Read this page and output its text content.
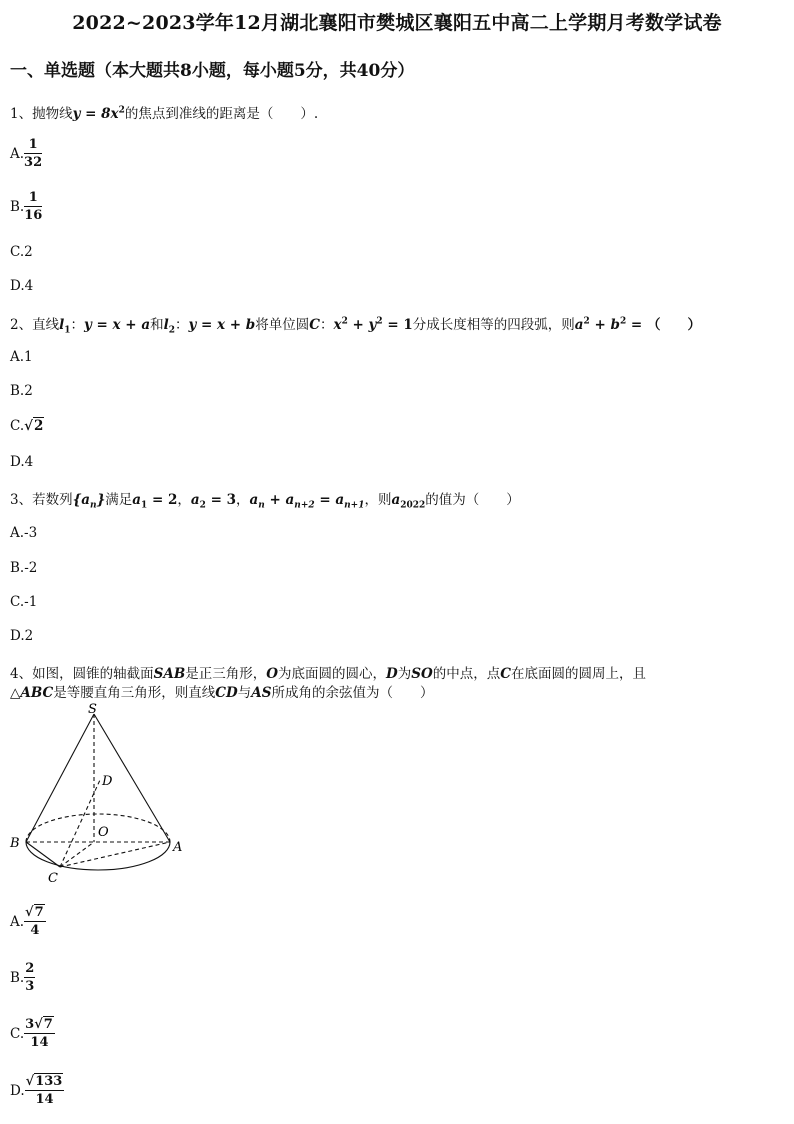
2022~2023学年12月湖北襄阳市樊城区襄阳五中高二上学期月考数学试卷
一、单选题（本大题共8小题，每小题5分，共40分）
1、抛物线$y = 8x^2$的焦点到准线的距离是（　　）.
A. $\frac{1}{32}$
B. $\frac{1}{16}$
C.2
D.4
2、直线$l_1$：y = x + a和$l_2$：y = x + b将单位圆C：$x^2 + y^2 = 1$分成长度相等的四段弧，则$a^2 + b^2$ = （　　）
A.1
B.2
C.√2
D.4
3、若数列$\{a_n\}$满足$a_1 = 2$，$a_2 = 3$，$a_n + a_{n+2} = a_{n+1}$，则$a_{2022}$的值为（　　）
A.-3
B.-2
C.-1
D.2
4、如图，圆锥的轴截面SAB是正三角形，O为底面圆的圆心，D为SO的中点，点C在底面圆的圆周上，且
△ABC是等腰直角三角形，则直线CD与AS所成角的余弦值为（　　）
S
D
O
B	A
C
A. $\frac{√7}{4}$
B. $\frac{2}{3}$
C. $\frac{3√7}{14}$
D. $\frac{√133}{14}$
